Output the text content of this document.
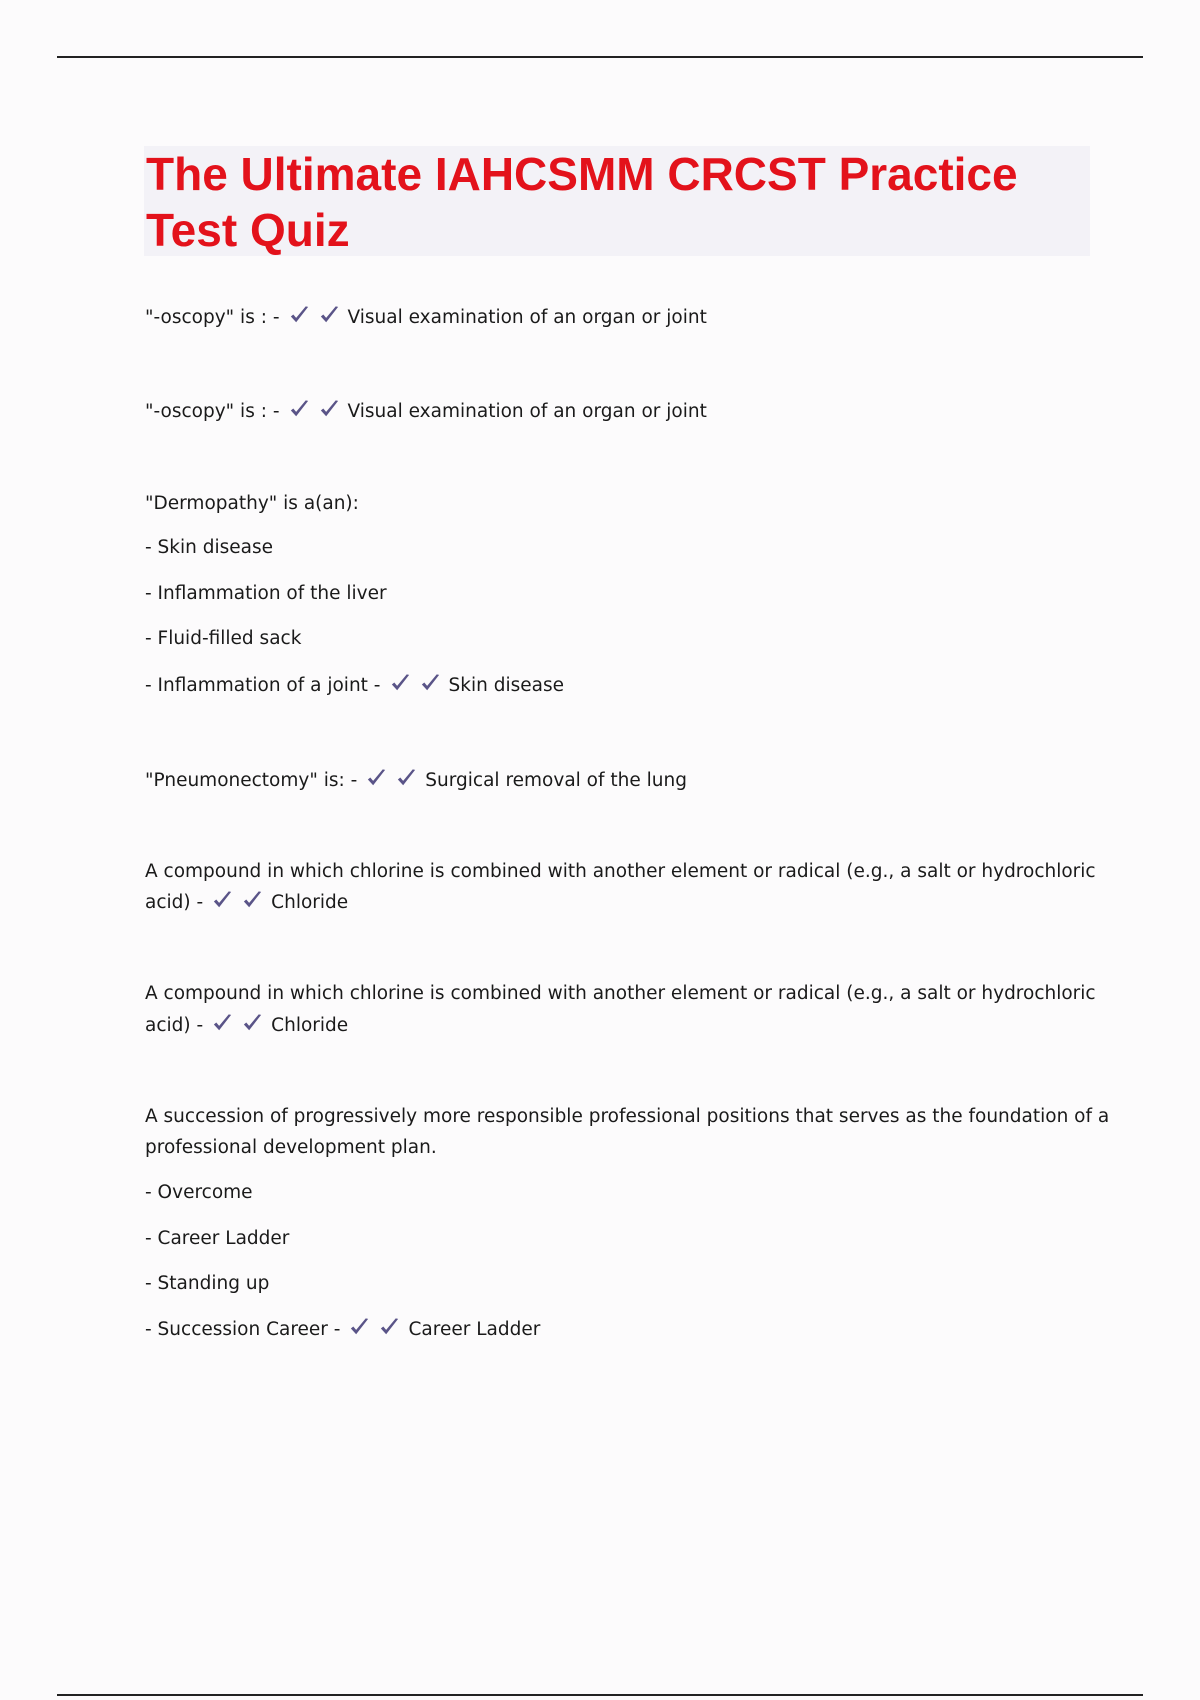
The Ultimate IAHCSMM CRCST Practice Test Quiz
"-oscopy" is : -	Visual examination of an organ or joint
"-oscopy" is : -	Visual examination of an organ or joint
"Dermopathy" is a(an):
- Skin disease
- Inflammation of the liver
- Fluid-filled sack
- Inflammation of a joint -	Skin disease
"Pneumonectomy" is: -	Surgical removal of the lung
A compound in which chlorine is combined with another element or radical (e.g., a salt or hydrochloric
acid) -	Chloride
A compound in which chlorine is combined with another element or radical (e.g., a salt or hydrochloric
acid) -	Chloride
A succession of progressively more responsible professional positions that serves as the foundation of a
professional development plan.
- Overcome
- Career Ladder
- Standing up
- Succession Career -	Career Ladder
